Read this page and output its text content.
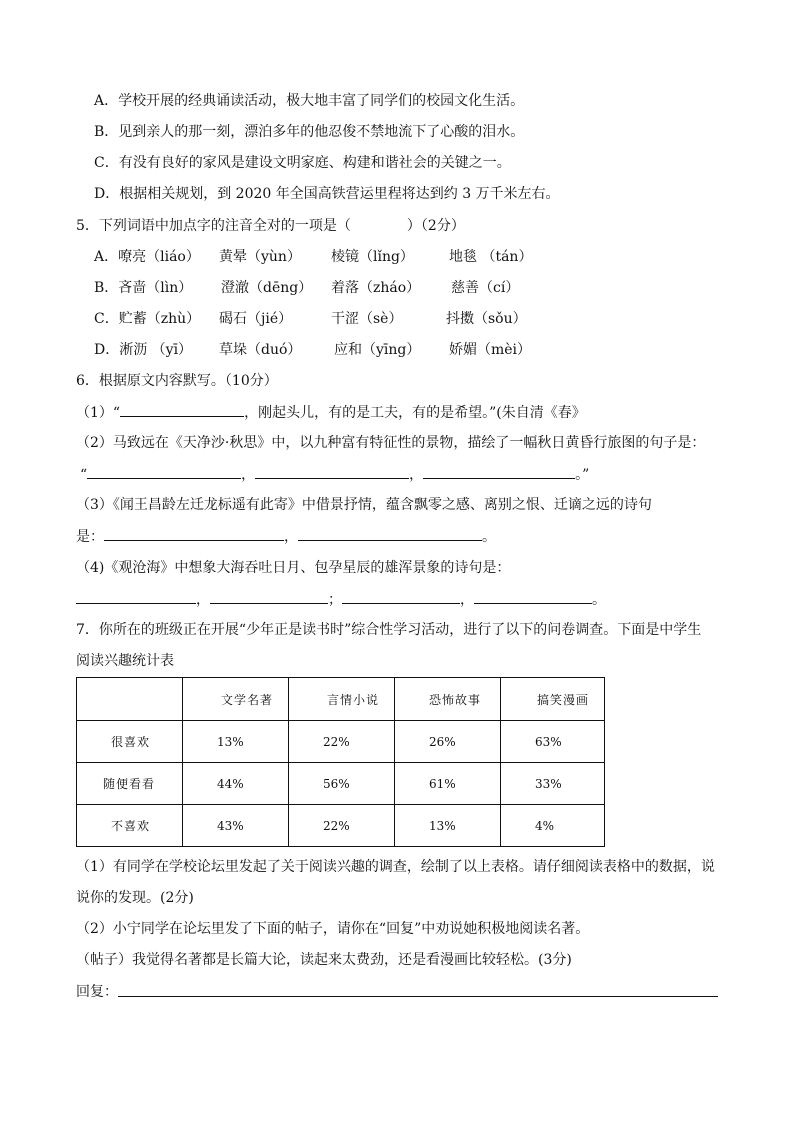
A．学校开展的经典诵读活动，极大地丰富了同学们的校园文化生活。
B．见到亲人的那一刻，漂泊多年的他忍俊不禁地流下了心酸的泪水。
C．有没有良好的家风是建设文明家庭、构建和谐社会的关键之一。
D．根据相关规划，到 2020 年全国高铁营运里程将达到约 3 万千米左右。
5．下列词语中加点字的注音全对的一项是（	）（2分）
A．嘹亮（liáo） 黄晕（yùn） 棱镜（lǐng）	地毯 （tán）
B．吝啬（lìn） 澄澈（dēng） 着落（zháo） 慈善（cí）
C．贮蓄（zhù） 碣石（jié）	干涩（sè）	抖擞（sǒu）
D．淅沥 （yī） 草垛（duó） 应和（yīng） 娇媚（mèi）
6．根据原文内容默写。（10分）
（1）“	，刚起头儿，有的是工夫，有的是希望。”(朱自清《春》
（2）马致远在《天净沙·秋思》中，以九种富有特征性的景物，描绘了一幅秋日黄昏行旅图的句子是：
“	，	，	。”
（3）《闻王昌龄左迁龙标遥有此寄》中借景抒情，蕴含飘零之感、离别之恨、迁谪之远的诗句
是：	，	。
（4)《观沧海》中想象大海吞吐日月、包孕星辰的雄浑景象的诗句是：
，	；	，	。
7．你所在的班级正在开展“少年正是读书时”综合性学习活动，进行了以下的问卷调查。下面是中学生
阅读兴趣统计表
	文学名著	言情小说	恐怖故事	搞笑漫画
很喜欢	13%	22%	26%	63%
随便看看	44%	56%	61%	33%
不喜欢	43%	22%	13%	4%
（1）有同学在学校论坛里发起了关于阅读兴趣的调查，绘制了以上表格。请仔细阅读表格中的数据，说
说你的发现。(2分)
（2）小宁同学在论坛里发了下面的帖子，请你在“回复”中劝说她积极地阅读名著。
（帖子）我觉得名著都是长篇大论，读起来太费劲，还是看漫画比较轻松。(3分)
回复：
